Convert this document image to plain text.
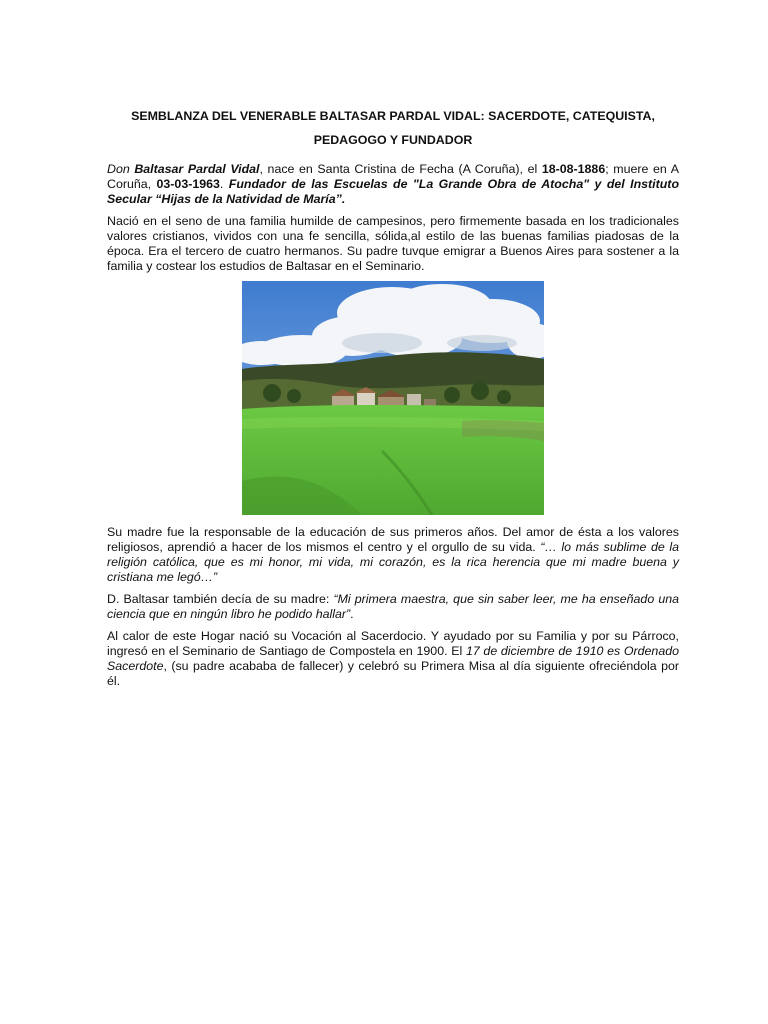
SEMBLANZA DEL VENERABLE BALTASAR PARDAL VIDAL: SACERDOTE, CATEQUISTA,
PEDAGOGO Y FUNDADOR

Don Baltasar Pardal Vidal, nace en Santa Cristina de Fecha (A Coruña), el 18-08-1886; muere en A Coruña, 03-03-1963. Fundador de las Escuelas de "La Grande Obra de Atocha" y del Instituto Secular “Hijas de la Natividad de María”.

Nació en el seno de una familia humilde de campesinos, pero firmemente basada en los tradicionales valores cristianos, vividos con una fe sencilla, sólida,al estilo de las buenas familias piadosas de la época. Era el tercero de cuatro hermanos. Su padre tuvque emigrar a Buenos Aires para sostener a la familia y costear los estudios de Baltasar en el Seminario.

Su madre fue la responsable de la educación de sus primeros años. Del amor de ésta a los valores religiosos, aprendió a hacer de los mismos el centro y el orgullo de su vida. “… lo más sublime de la religión católica, que es mi honor, mi vida, mi corazón, es la rica herencia que mi madre buena y cristiana me legó…”

D. Baltasar también decía de su madre: “Mi primera maestra, que sin saber leer, me ha enseñado una ciencia que en ningún libro he podido hallar”.

Al calor de este Hogar nació su Vocación al Sacerdocio. Y ayudado por su Familia y por su Párroco, ingresó en el Seminario de Santiago de Compostela en 1900. El 17 de diciembre de 1910 es Ordenado Sacerdote, (su padre acababa de fallecer) y celebró su Primera Misa al día siguiente ofreciéndola por él.
